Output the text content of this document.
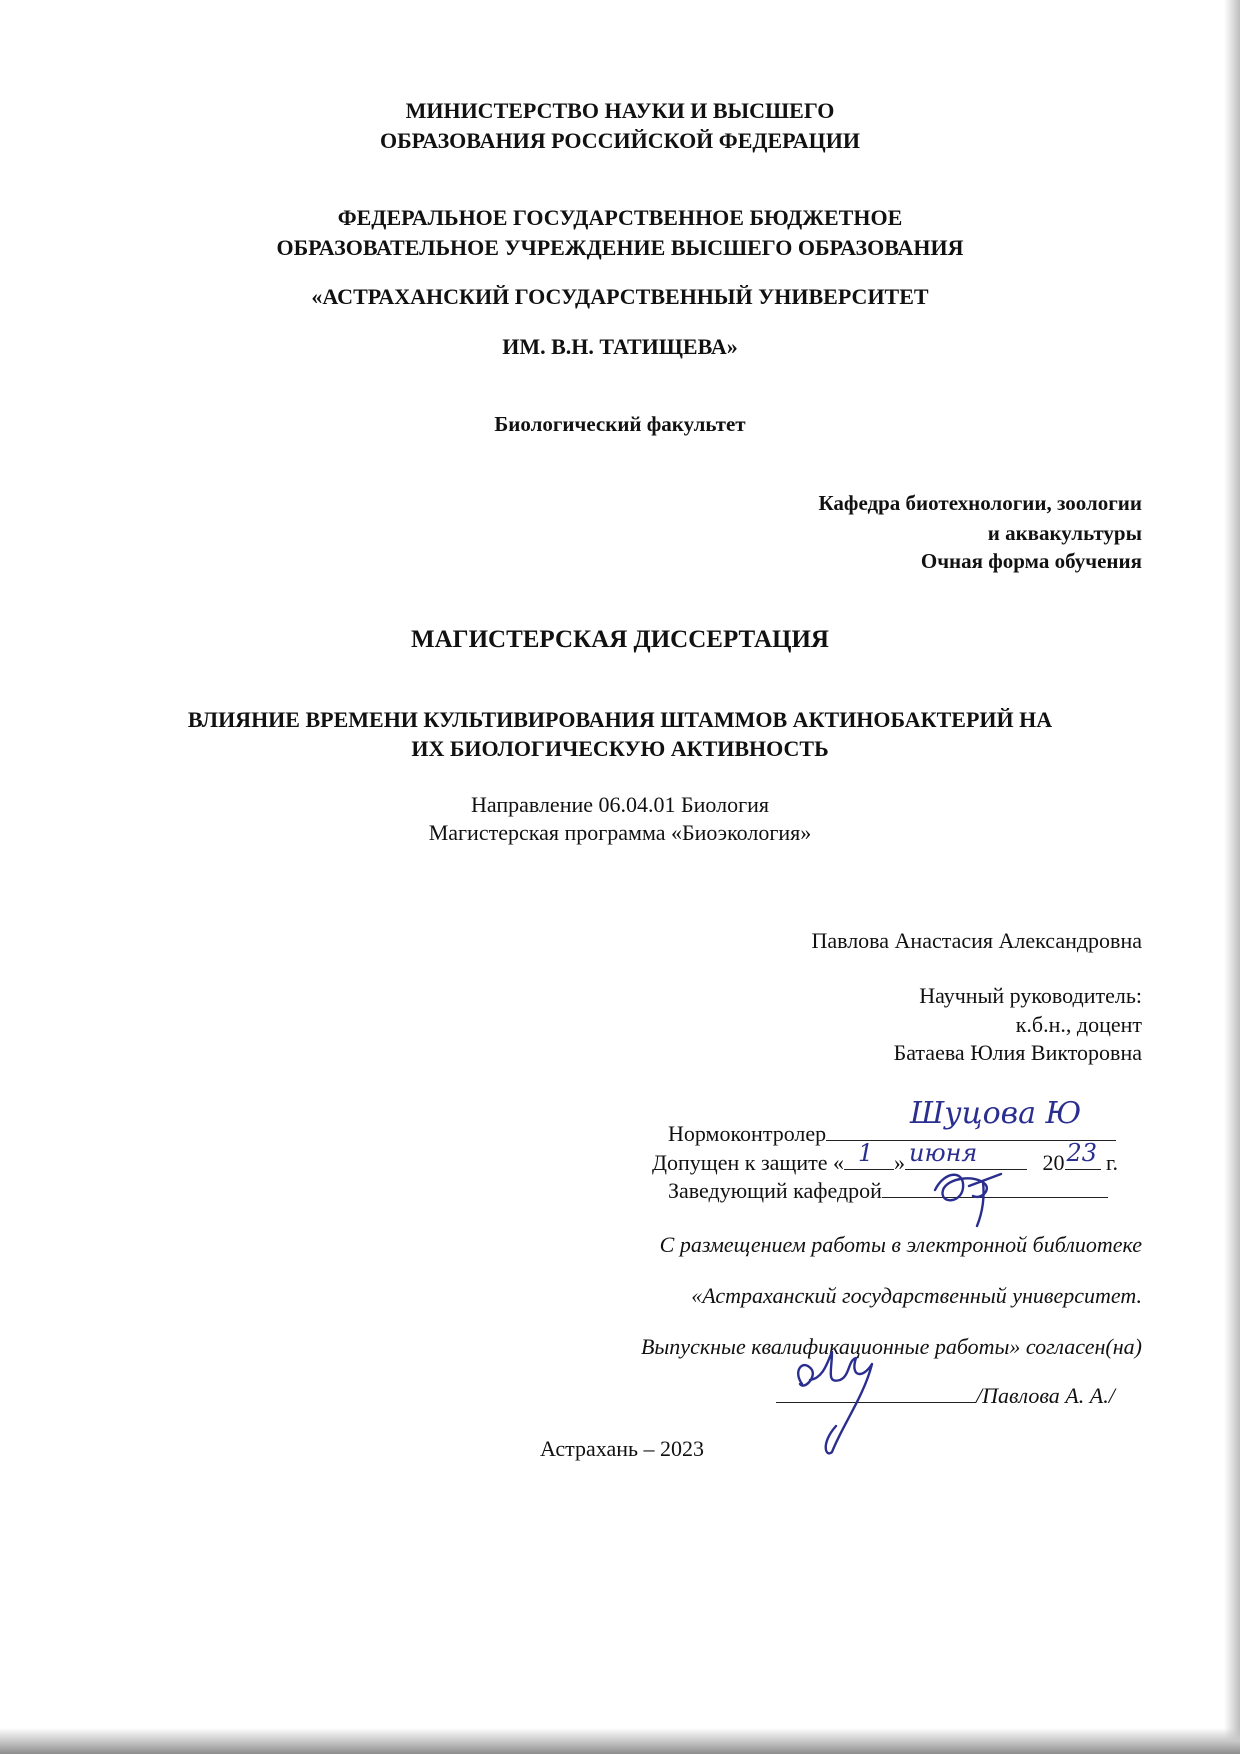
МИНИСТЕРСТВО НАУКИ И ВЫСШЕГО
ОБРАЗОВАНИЯ РОССИЙСКОЙ ФЕДЕРАЦИИ
ФЕДЕРАЛЬНОЕ ГОСУДАРСТВЕННОЕ БЮДЖЕТНОЕ
ОБРАЗОВАТЕЛЬНОЕ УЧРЕЖДЕНИЕ ВЫСШЕГО ОБРАЗОВАНИЯ
«АСТРАХАНСКИЙ ГОСУДАРСТВЕННЫЙ УНИВЕРСИТЕТ
ИМ. В.Н. ТАТИЩЕВА»
Биологический факультет
Кафедра биотехнологии, зоологии
и аквакультуры
Очная форма обучения
МАГИСТЕРСКАЯ ДИССЕРТАЦИЯ
ВЛИЯНИЕ ВРЕМЕНИ КУЛЬТИВИРОВАНИЯ ШТАММОВ АКТИНОБАКТЕРИЙ НА
ИХ БИОЛОГИЧЕСКУЮ АКТИВНОСТЬ
Направление 06.04.01 Биология
Магистерская программа «Биоэкология»
Павлова Анастасия Александровна
Научный руководитель:
к.б.н., доцент
Батаева Юлия Викторовна
Нормоконтролер
Шуцова Ю
Допущен к защите « 1 » июня	20 23 г.
Заведующий кафедрой
С размещением работы в электронной библиотеке
«Астраханский государственный университет.
Выпускные квалификационные работы» согласен(на)
/Павлова А. А./
Астрахань – 2023
